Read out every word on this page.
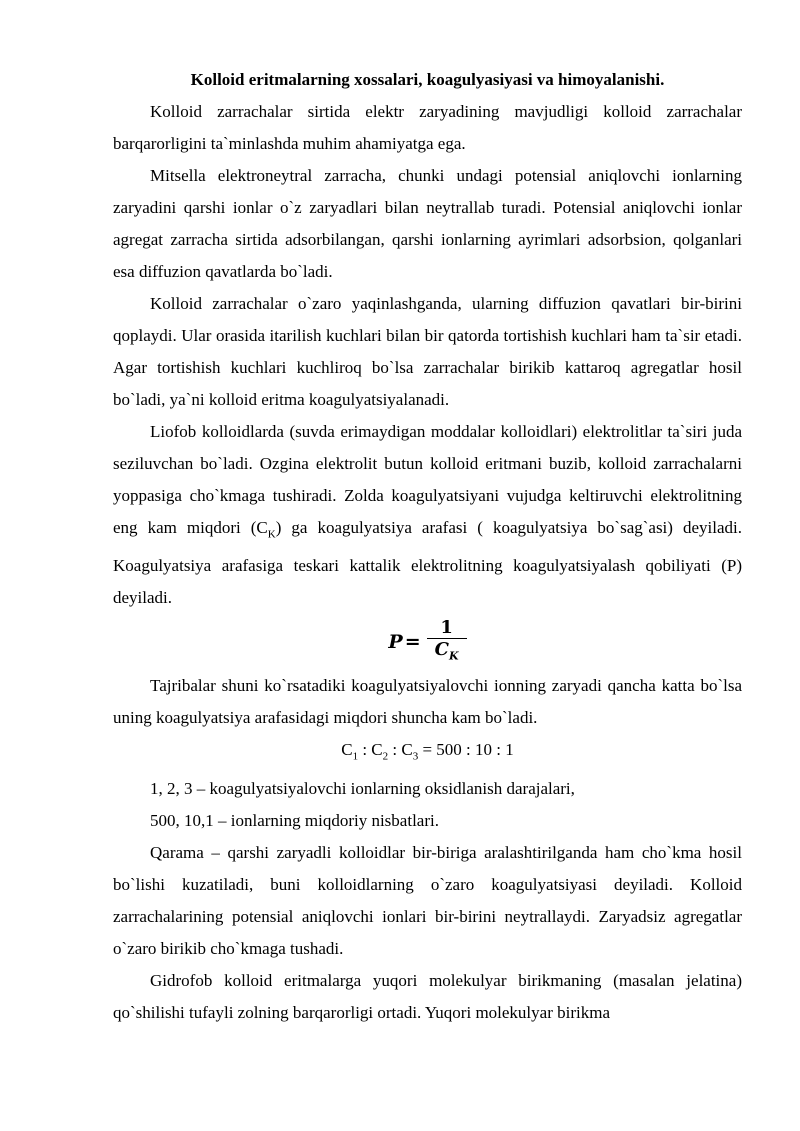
Kolloid eritmalarning xossalari, koagulyasiyasi va himoyalanishi.

Kolloid zarrachalar sirtida elektr zaryadining mavjudligi kolloid zarrachalar barqarorligini ta`minlashda muhim ahamiyatga ega.

Mitsella elektroneytral zarracha, chunki undagi potensial aniqlovchi ionlarning zaryadini qarshi ionlar o`z zaryadlari bilan neytrallab turadi. Potensial aniqlovchi ionlar agregat zarracha sirtida adsorbilangan, qarshi ionlarning ayrimlari adsorbsion, qolganlari esa diffuzion qavatlarda bo`ladi.

Kolloid zarrachalar o`zaro yaqinlashganda, ularning diffuzion qavatlari bir-birini qoplaydi. Ular orasida itarilish kuchlari bilan bir qatorda tortishish kuchlari ham ta`sir etadi. Agar tortishish kuchlari kuchliroq bo`lsa zarrachalar birikib kattaroq agregatlar hosil bo`ladi, ya`ni kolloid eritma koagulyatsiyalanadi.

Liofob kolloidlarda (suvda erimaydigan moddalar kolloidlari) elektrolitlar ta`siri juda seziluvchan bo`ladi. Ozgina elektrolit butun kolloid eritmani buzib, kolloid zarrachalarni yoppasiga cho`kmaga tushiradi. Zolda koagulyatsiyani vujudga keltiruvchi elektrolitning eng kam miqdori $(C_K)$ ga koagulyatsiya arafasi ( koagulyatsiya bo`sag`asi) deyiladi. Koagulyatsiya arafasiga teskari kattalik elektrolitning koagulyatsiyalash qobiliyati (P) deyiladi.

$P = \frac{1}{C_K}$

Tajribalar shuni ko`rsatadiki koagulyatsiyalovchi ionning zaryadi qancha katta bo`lsa uning koagulyatsiya arafasidagi miqdori shuncha kam bo`ladi.

$C_1$ : $C_2$ : $C_3 = 500$ : 10 : 1

1, 2, 3 – koagulyatsiyalovchi ionlarning oksidlanish darajalari,

500, 10,1 – ionlarning miqdoriy nisbatlari.

Qarama – qarshi zaryadli kolloidlar bir-biriga aralashtirilganda ham cho`kma hosil bo`lishi kuzatiladi, buni kolloidlarning o`zaro koagulyatsiyasi deyiladi. Kolloid zarrachalarining potensial aniqlovchi ionlari bir-birini neytrallaydi. Zaryadsiz agregatlar o`zaro birikib cho`kmaga tushadi.

Gidrofob kolloid eritmalarga yuqori molekulyar birikmaning (masalan jelatina) qo`shilishi tufayli zolning barqarorligi ortadi. Yuqori molekulyar birikma
